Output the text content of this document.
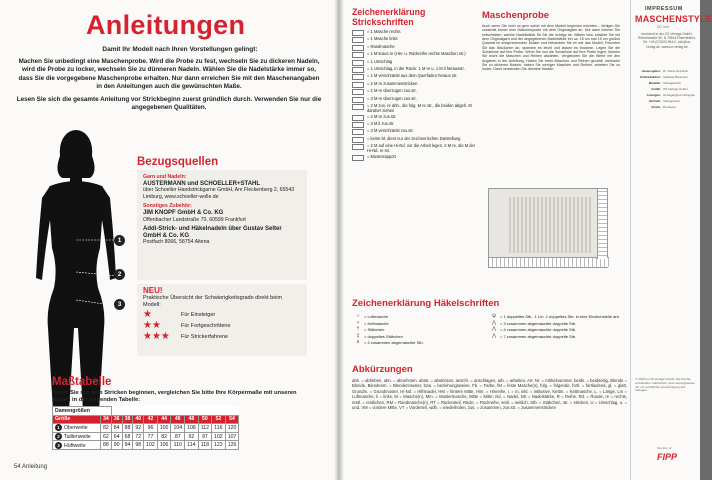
Anleitungen
Damit Ihr Modell nach Ihren Vorstellungen gelingt:

Machen Sie unbedingt eine Maschenprobe. Wird die Probe zu fest, wechseln Sie zu dickeren Nadeln, wird die Probe zu locker, wechseln Sie zu dünneren Nadeln. Wählen Sie die Nadelstärke immer so, dass Sie die vorgegebene Maschenprobe erhalten. Nur dann erreichen Sie mit den Maschenangaben in den Anleitungen auch die gewünschten Maße.

Lesen Sie sich die gesamte Anleitung vor Strickbeginn zuerst gründlich durch. Verwenden Sie nur die angegebenen Qualitäten.

1
2
3
Bezugsquellen
Garn und Nadeln:
AUSTERMANN und SCHOELLER+STAHL
über Schoeller Handstrickgarne GmbH, Am Fleckenberg 2, 65543 Limburg, www.schoeller-wolle.de
Sonstiges Zubehör:
JIM KNOPF GmbH & Co. KG
Offenbacher Landstraße 70, 60599 Frankfurt
Addi-Strick- und Häkelnadeln über Gustav Selter GmbH & Co. KG
Postfach 8066, 58754 Altena
NEU!
Praktische Übersicht der Schwierigkeitsgrade direkt beim Modell:
★	Für Einsteiger
★★	Für Fortgeschrittene
★★★	Für Strickerfahrene
Maßtabelle
Bevor Sie mit dem Stricken beginnen, vergleichen Sie bitte Ihre Körpermaße mit unseren Maßen in der folgenden Tabelle:
Damengrößen											
Größe	34	36	38	40	42	44	46	48	50	52	54
1 Oberweite	82	84	88	92	96	100	104	108	112	116	120
2 Taillenweite	62	64	68	72	77	82	87	92	97	102	107
3 Hüftweite	88	90	94	98	102	106	110	114	118	122	126
54 Anleitung
Zeichenerklärung Strickschriften
= 1 Masche rechts
= 1 Masche links
= Randmasche
= 1 M kraus re (Hin- u. Rückreihe rechte Maschen str.)
= 1 Umschlag
= 1 Umschlag, in der Rückr. 1 M re u. 1 M li herausstr.
= 1 M verschränkt aus dem Querfaden heraus str.
= 2 M re zusammenstricken
= 2 M re überzogen zus.str.
= 3 M re überzogen zus.str.
= 2 M zus. re abh., die folg. M re str., die beiden abgeh. M darüber ziehen
= 4 M re zus.str.
= 3 M li zus.str.
= 3 M verschränkt zus.str.
= keine M, dient nur der zeichnerischen Darstellung
= 2 M auf eine Hi-Nd. vor die Arbeit legen, 2 M re, die M der Hi-Nd. re str.
= Musterrapport
Maschenprobe
Auch wenn Sie noch so gern sofort mit dem Modell beginnen möchten – fertigen Sie zunächst immer eine Maschenprobe mit dem Originalgarn an. Nur dann können Sie entscheiden, welche Nadelstärke für Sie die richtige ist. Häkeln bzw. stricken Sie mit dem Originalgarn und der angegebenen Nadelstärke ein ca. 15 cm mal 15 cm großes Quadrat im entsprechenden Muster und behandeln Sie es wie das Modell. Feuchten Sie das Stückchen an, spannen es leicht und lassen es trocknen. Legen Sie die Schablone auf Ihre Probe. Wenn Sie nun die Schablone auf Ihre Probe legen, können Sie leicht die Maschen und Reihen abzählen. Vergleichen Sie die Werte mit den Angaben in der Anleitung. Haben Sie mehr Maschen und Reihen gezählt, wechseln Sie zu dickeren Nadeln; haben Sie weniger Maschen und Reihen, arbeiten Sie zu locker. Dann verwenden Sie dünnere Nadeln.
Zeichenerklärung Häkelschriften
○	= Luftmasche
•	= Kettmasche
†	= Stäbchen
‡	= doppeltes Stäbchen
∧	= 2 zusammen abgemaschte Stb.
ψ	= 1 doppeltes Stb., 1 Lm, 1 doppeltes Stb. in eine Einstichstelle arb.
⋀ = 3 zusammen abgemaschte doppelte Stb.
⋀ = 4 zusammen abgemaschte doppelte Stb.
⋀ = 7 zusammen abgemaschte doppelte Stb.
Abkürzungen
abh. = abheben, abn. = abnehmen, abstr. = abstricken, anschl. = anschlagen, arb. = arbeiten, Art. Nr. = Artikelnummer, beids. = beidseitig, Blende = Blende, Blendenm. = Blendenmuster, bzw. = beziehungsweise, Fb. = Farbe, fM = feste Masche(n), folg. = folgende, fortl. = fortlaufend, gl. = glatt, Grundm. = Grundmuster, Hi-Nd. = Hilfsnadel, HM = hintere Mitte, Hinr. = Hinreihe, i. = in, inkl. = inklusive, Kettm. = Kettmasche, L. = Länge, Lm = Luftmasche, li = links, M = Masche(n), Mm. = Mustermasche, Mitte = Mitte, Nd. = Nadel, NS = Nadelstärke, R = Reihe, Rd. = Runde, re = rechts, restl. = restlichen, RM = Randmasche(n), RT = Rückenteil, Rückr. = Rückreihe, seitl. = seitlich, Stb. = Stäbchen, str. = stricken, U = Umschlag, u. = und, VM = vordere Mitte, VT = Vorderteil, wdh. = wiederholen, zus. = zusammen, zus.str. = zusammenstricken
IMPRESSUM
MASCHENSTYLE
DC Ihre
erscheint in der OZ Verlags GmbH, Römerstraße 90, D-79618 Rheinfelden, Tel. +49 (0)7623 964-0, info@oz-verlag.de, www.oz-verlag.de
Herausgeber: Dr. Klaus Gramlich
Chefredaktion: Gabriele Baumann
Modelle: Verlagsarchiv
Grafik: OZ Verlags GmbH
Anzeigen: anzeigen@oz-verlag.de
Vertrieb: Verlagsunion
Druck: Druckerei
© 2020 by OZ Verlags GmbH. Alle Rechte vorbehalten. Nachdruck, auch auszugsweise, nur mit schriftlicher Genehmigung des Verlages.
Member of
FIPP
